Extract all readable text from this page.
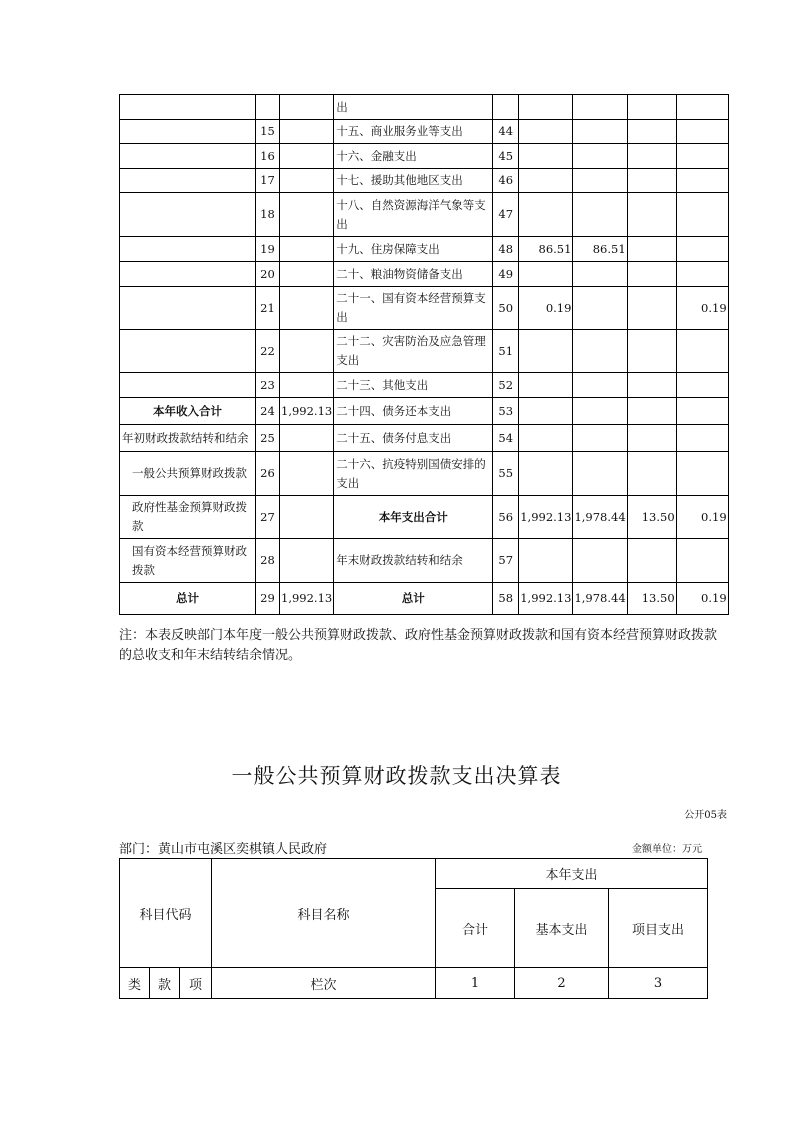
			出					
	15		十五、商业服务业等支出	44				
	16		十六、金融支出	45				
	17		十七、援助其他地区支出	46				
	18		十八、自然资源海洋气象等支出	47				
	19		十九、住房保障支出	48	86.51	86.51		
	20		二十、粮油物资储备支出	49				
	21		二十一、国有资本经营预算支出	50	0.19			0.19
	22		二十二、灾害防治及应急管理支出	51				
	23		二十三、其他支出	52				
本年收入合计	24	1,992.13	二十四、债务还本支出	53				
年初财政拨款结转和结余	25		二十五、债务付息支出	54				
一般公共预算财政拨款	26		二十六、抗疫特别国债安排的支出	55				
政府性基金预算财政拨款	27		本年支出合计	56	1,992.13	1,978.44	13.50	0.19
国有资本经营预算财政拨款	28		年末财政拨款结转和结余	57				
总计	29	1,992.13	总计	58	1,992.13	1,978.44	13.50	0.19
注：本表反映部门本年度一般公共预算财政拨款、政府性基金预算财政拨款和国有资本经营预算财政拨款的总收支和年末结转结余情况。
一般公共预算财政拨款支出决算表
公开05表
部门：黄山市屯溪区奕棋镇人民政府	金额单位：万元
科目代码			科目名称	本年支出		
				合计	基本支出	项目支出
类	款	项	栏次	1	2	3
